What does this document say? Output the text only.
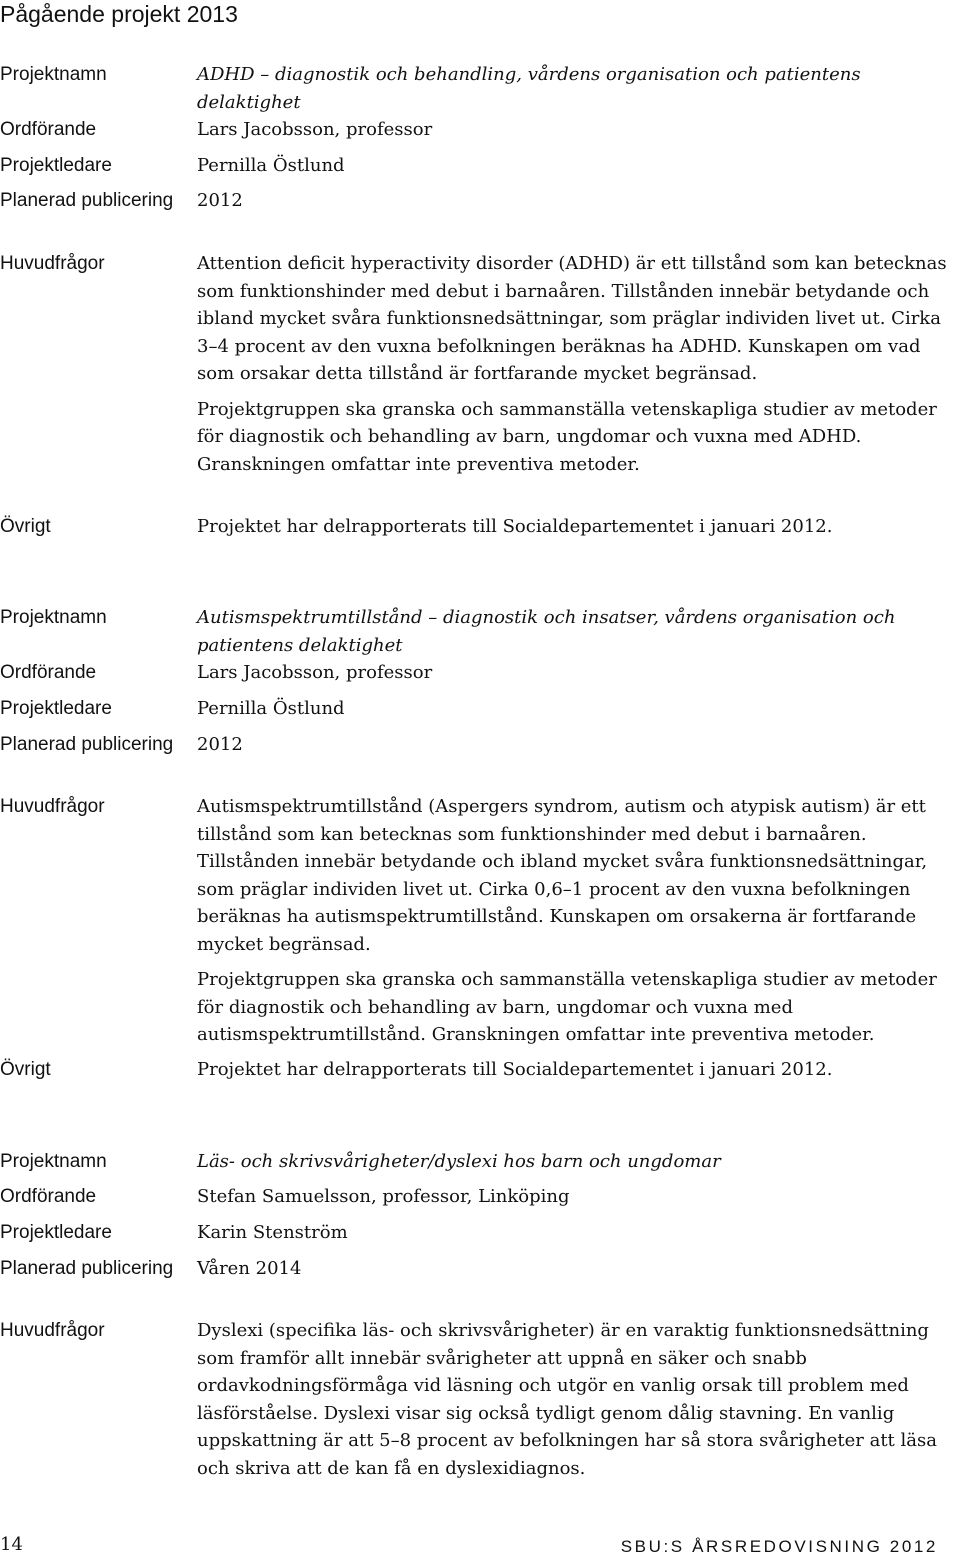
Pågående projekt 2013
Projektnamn	ADHD – diagnostik och behandling, vårdens organisation och patientens delaktighet
Ordförande	Lars Jacobsson, professor
Projektledare	Pernilla Östlund
Planerad publicering	2012
Huvudfrågor	Attention deficit hyperactivity disorder (ADHD) är ett tillstånd som kan betecknas som funktionshinder med debut i barnaåren. Tillstånden innebär betydande och ibland mycket svåra funktionsnedsättningar, som präglar individen livet ut. Cirka 3–4 procent av den vuxna befolkningen beräknas ha ADHD. Kunskapen om vad som orsakar detta tillstånd är fortfarande mycket begränsad.

Projektgruppen ska granska och sammanställa vetenskapliga studier av metoder för diagnostik och behandling av barn, ungdomar och vuxna med ADHD. Granskningen omfattar inte preventiva metoder.

Övrigt	Projektet har delrapporterats till Socialdepartementet i januari 2012.
Projektnamn	Autismspektrumtillstånd – diagnostik och insatser, vårdens organisation och patientens delaktighet
Ordförande	Lars Jacobsson, professor
Projektledare	Pernilla Östlund
Planerad publicering	2012
Huvudfrågor	Autismspektrumtillstånd (Aspergers syndrom, autism och atypisk autism) är ett tillstånd som kan betecknas som funktionshinder med debut i barnaåren. Tillstånden innebär betydande och ibland mycket svåra funktionsnedsättningar, som präglar individen livet ut. Cirka 0,6–1 procent av den vuxna befolkningen beräknas ha autismspektrumtillstånd. Kunskapen om orsakerna är fortfarande mycket begränsad.

Projektgruppen ska granska och sammanställa vetenskapliga studier av metoder för diagnostik och behandling av barn, ungdomar och vuxna med autismspektrumtillstånd. Granskningen omfattar inte preventiva metoder.

Övrigt	Projektet har delrapporterats till Socialdepartementet i januari 2012.
Projektnamn	Läs- och skrivsvårigheter/dyslexi hos barn och ungdomar
Ordförande	Stefan Samuelsson, professor, Linköping
Projektledare	Karin Stenström
Planerad publicering	Våren 2014
Huvudfrågor	Dyslexi (specifika läs- och skrivsvårigheter) är en varaktig funktionsnedsättning som framför allt innebär svårigheter att uppnå en säker och snabb ordavkodningsförmåga vid läsning och utgör en vanlig orsak till problem med läsförståelse. Dyslexi visar sig också tydligt genom dålig stavning. En vanlig uppskattning är att 5–8 procent av befolkningen har så stora svårigheter att läsa och skriva att de kan få en dyslexidiagnos.

14	SBU:S ÅRSREDOVISNING 2012
